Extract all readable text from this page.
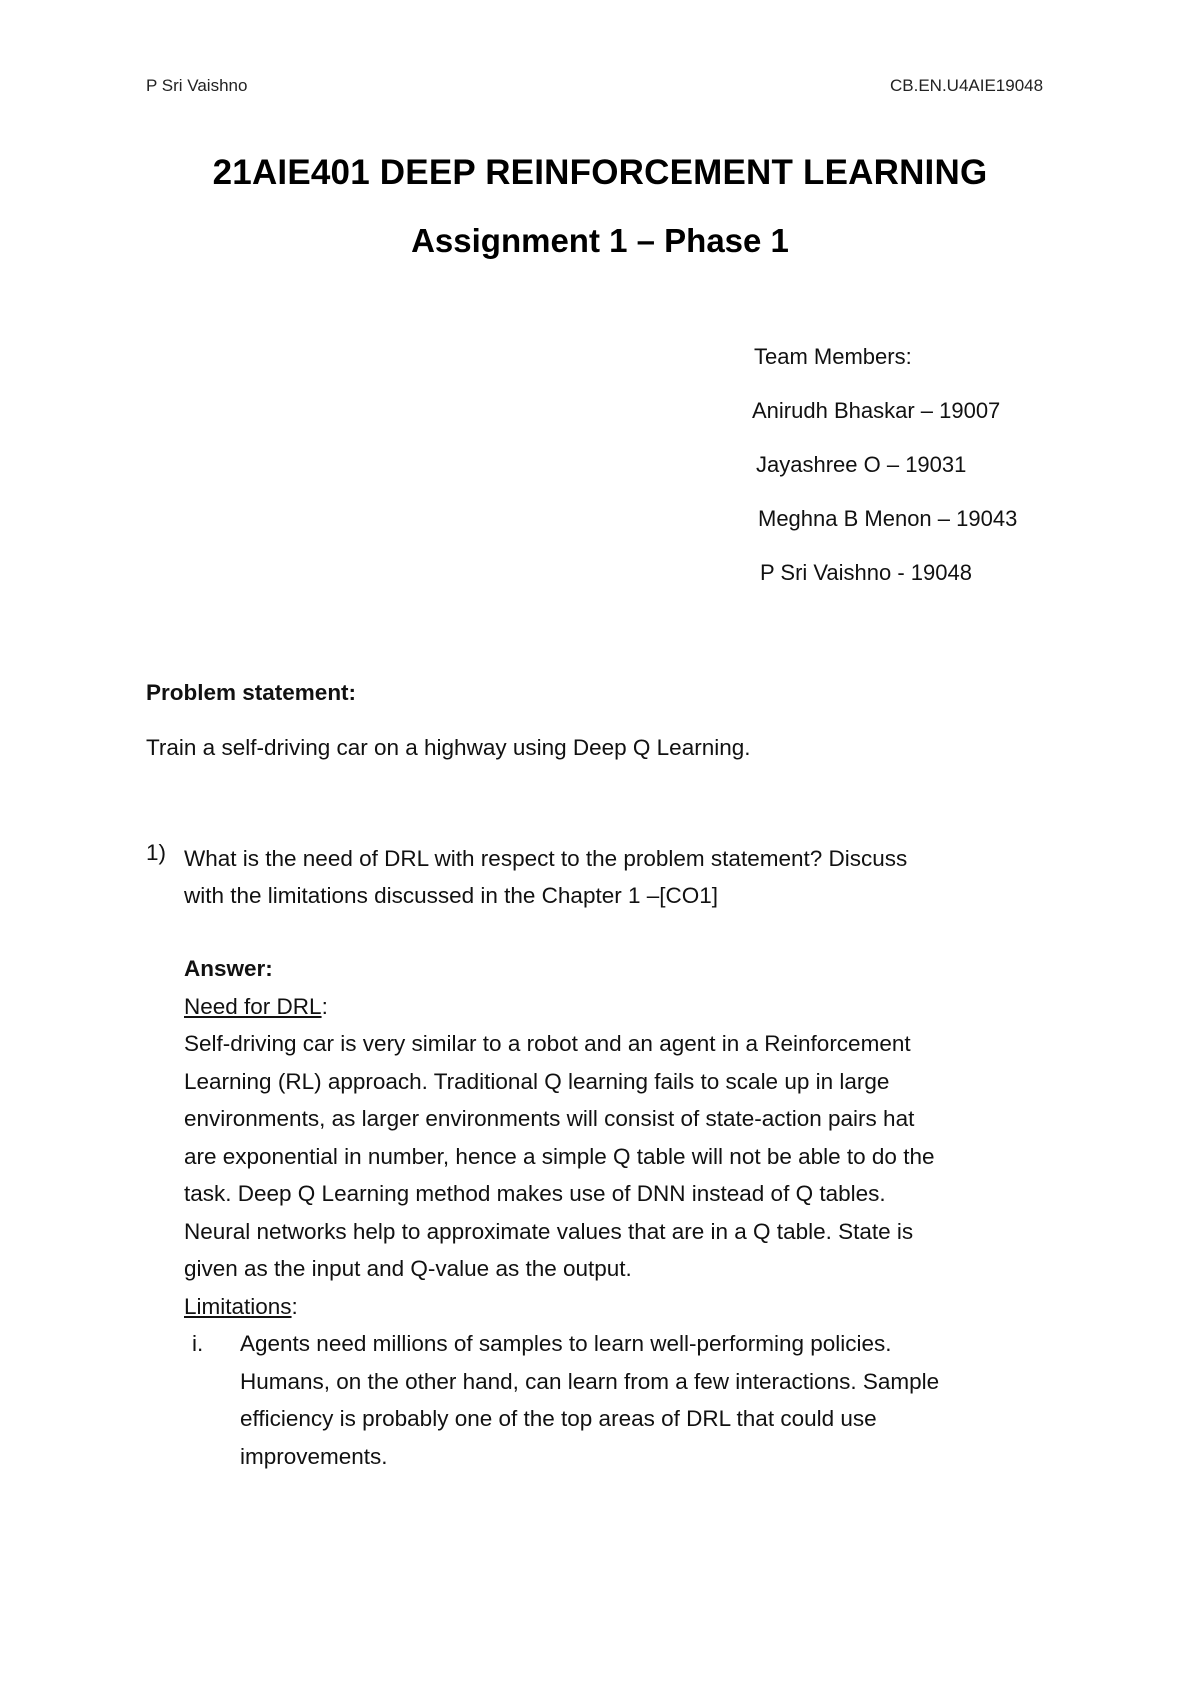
P Sri Vaishno	CB.EN.U4AIE19048
21AIE401 DEEP REINFORCEMENT LEARNING
Assignment 1 – Phase 1
Team Members:
Anirudh Bhaskar – 19007
Jayashree O – 19031
Meghna B Menon – 19043
P Sri Vaishno - 19048
Problem statement:
Train a self-driving car on a highway using Deep Q Learning.
1) What is the need of DRL with respect to the problem statement? Discuss
with the limitations discussed in the Chapter 1 –[CO1]
Answer:
Need for DRL:
Self-driving car is very similar to a robot and an agent in a Reinforcement
Learning (RL) approach. Traditional Q learning fails to scale up in large
environments, as larger environments will consist of state-action pairs hat
are exponential in number, hence a simple Q table will not be able to do the
task. Deep Q Learning method makes use of DNN instead of Q tables.
Neural networks help to approximate values that are in a Q table. State is
given as the input and Q-value as the output.
Limitations:
i. Agents need millions of samples to learn well-performing policies.
Humans, on the other hand, can learn from a few interactions. Sample
efficiency is probably one of the top areas of DRL that could use
improvements.
